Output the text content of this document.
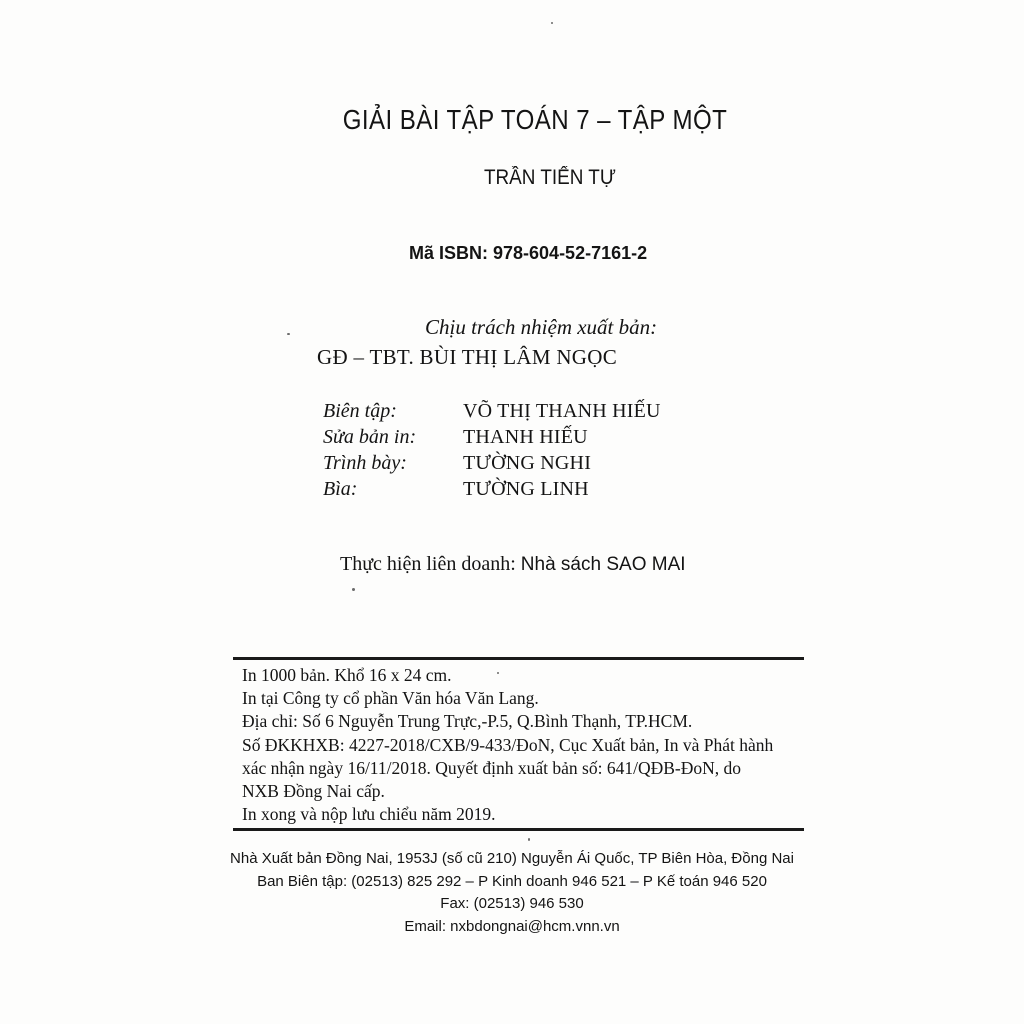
GIẢI BÀI TẬP TOÁN 7 – TẬP MỘT
TRẦN TIẾN TỰ
Mã ISBN: 978-604-52-7161-2
Chịu trách nhiệm xuất bản:
GĐ – TBT. BÙI THỊ LÂM NGỌC
Biên tập:	VÕ THỊ THANH HIẾU
Sửa bản in:	THANH HIẾU
Trình bày:	TƯỜNG NGHI
Bìa:	TƯỜNG LINH
Thực hiện liên doanh: Nhà sách SAO MAI
In 1000 bản. Khổ 16 x 24 cm.
In tại Công ty cổ phần Văn hóa Văn Lang.
Địa chỉ: Số 6 Nguyễn Trung Trực,-P.5, Q.Bình Thạnh, TP.HCM.
Số ĐKKHXB: 4227-2018/CXB/9-433/ĐoN, Cục Xuất bản, In và Phát hành
xác nhận ngày 16/11/2018. Quyết định xuất bản số: 641/QĐB-ĐoN, do
NXB Đồng Nai cấp.
In xong và nộp lưu chiểu năm 2019.
Nhà Xuất bản Đồng Nai, 1953J (số cũ 210) Nguyễn Ái Quốc, TP Biên Hòa, Đồng Nai
Ban Biên tập: (02513) 825 292 – P Kinh doanh 946 521 – P Kế toán 946 520
Fax: (02513) 946 530
Email: nxbdongnai@hcm.vnn.vn
